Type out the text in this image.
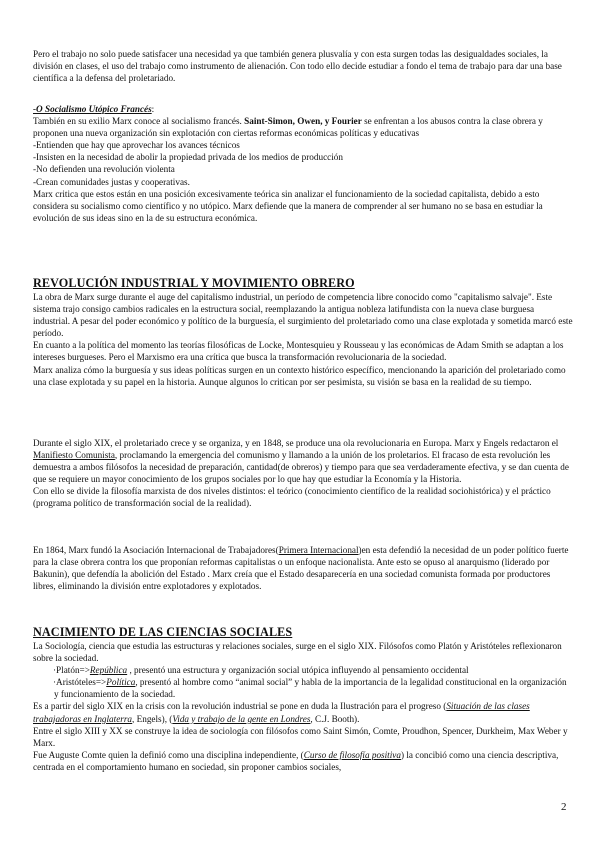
Pero el trabajo no solo puede satisfacer una necesidad ya que también genera plusvalía y con esta surgen todas las desigualdades sociales, la división en clases, el uso del trabajo como instrumento de alienación. Con todo ello decide estudiar a fondo el tema de trabajo para dar una base científica a la defensa del proletariado.

-O Socialismo Utópico Francés:

También en su exilio Marx conoce al socialismo francés. Saint-Simon, Owen, y Fourier se enfrentan a los abusos contra la clase obrera y proponen una nueva organización sin explotación con ciertas reformas económicas políticas y educativas

-Entienden que hay que aprovechar los avances técnicos

-Insisten en la necesidad de abolir la propiedad privada de los medios de producción

-No defienden una revolución violenta

-Crean comunidades justas y cooperativas.

Marx critica que estos están en una posición excesivamente teórica sin analizar el funcionamiento de la sociedad capitalista, debido a esto considera su socialismo como científico y no utópico. Marx defiende que la manera de comprender al ser humano no se basa en estudiar la evolución de sus ideas sino en la de su estructura económica.

REVOLUCIÓN INDUSTRIAL Y MOVIMIENTO OBRERO

La obra de Marx surge durante el auge del capitalismo industrial, un período de competencia libre conocido como "capitalismo salvaje". Este sistema trajo consigo cambios radicales en la estructura social, reemplazando la antigua nobleza latifundista con la nueva clase burguesa industrial. A pesar del poder económico y político de la burguesía, el surgimiento del proletariado como una clase explotada y sometida marcó este período.

En cuanto a la política del momento las teorías filosóficas de Locke, Montesquieu y Rousseau y las económicas de Adam Smith se adaptan a los intereses burgueses. Pero el Marxismo era una crítica que busca la transformación revolucionaria de la sociedad.

Marx analiza cómo la burguesía y sus ideas políticas surgen en un contexto histórico específico, mencionando la aparición del proletariado como una clase explotada y su papel en la historia. Aunque algunos lo critican por ser pesimista, su visión se basa en la realidad de su tiempo.

Durante el siglo XIX, el proletariado crece y se organiza, y en 1848, se produce una ola revolucionaria en Europa. Marx y Engels redactaron el Manifiesto Comunista, proclamando la emergencia del comunismo y llamando a la unión de los proletarios. El fracaso de esta revolución les demuestra a ambos filósofos la necesidad de preparación, cantidad(de obreros) y tiempo para que sea verdaderamente efectiva, y se dan cuenta de que se requiere un mayor conocimiento de los grupos sociales por lo que hay que estudiar la Economía y la Historia.

Con ello se divide la filosofía marxista de dos niveles distintos: el teórico (conocimiento científico de la realidad sociohistórica) y el práctico (programa político de transformación social de la realidad).

En 1864, Marx fundó la Asociación Internacional de Trabajadores(Primera Internacional)en esta defendió la necesidad de un poder político fuerte para la clase obrera contra los que proponían reformas capitalistas o un enfoque nacionalista. Ante esto se opuso al anarquismo (liderado por Bakunin), que defendía la abolición del Estado . Marx creía que el Estado desaparecería en una sociedad comunista formada por productores libres, eliminando la división entre explotadores y explotados.

NACIMIENTO DE LAS CIENCIAS SOCIALES

La Sociología, ciencia que estudia las estructuras y relaciones sociales, surge en el siglo XIX. Filósofos como Platón y Aristóteles reflexionaron sobre la sociedad.

·Platón=>República , presentó una estructura y organización social utópica influyendo al pensamiento occidental

·Aristóteles=>Política, presentó al hombre como “animal social” y habla de la importancia de la legalidad constitucional en la organización y funcionamiento de la sociedad.

Es a partir del siglo XIX en la crisis con la revolución industrial se pone en duda la Ilustración para el progreso (Situación de las clases trabajadoras en Inglaterra, Engels), (Vida y trabajo de la gente en Londres, C.J. Booth).

Entre el siglo XIII y XX se construye la idea de sociología con filósofos como Saint Simón, Comte, Proudhon, Spencer, Durkheim, Max Weber y Marx.

Fue Auguste Comte quien la definió como una disciplina independiente, (Curso de filosofía positiva) la concibió como una ciencia descriptiva, centrada en el comportamiento humano en sociedad, sin proponer cambios sociales,

2
